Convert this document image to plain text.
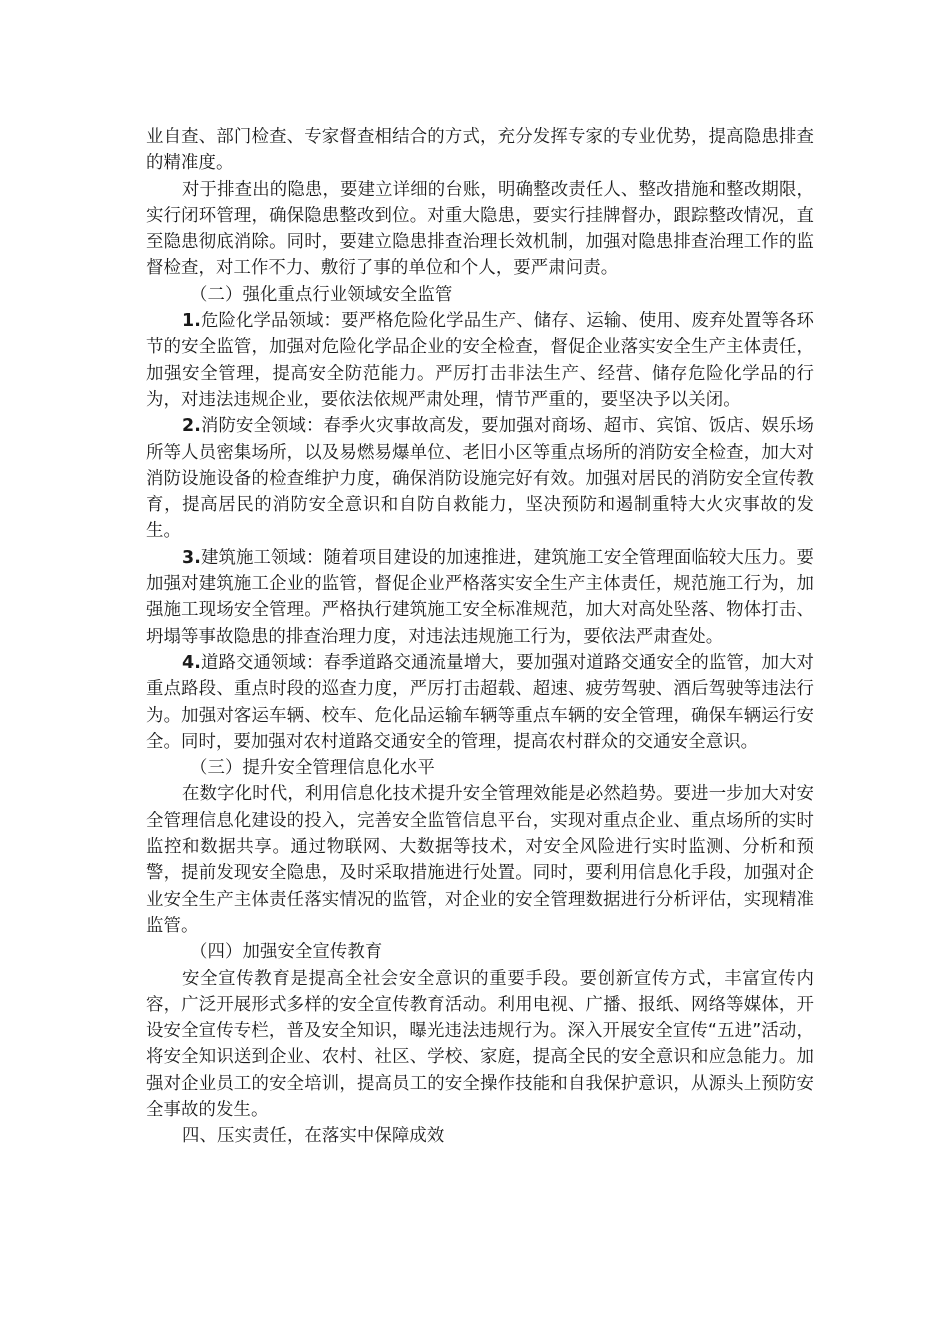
业自查、部门检查、专家督查相结合的方式，充分发挥专家的专业优势，提高隐患排查的精准度。

对于排查出的隐患，要建立详细的台账，明确整改责任人、整改措施和整改期限，实行闭环管理，确保隐患整改到位。对重大隐患，要实行挂牌督办，跟踪整改情况，直至隐患彻底消除。同时，要建立隐患排查治理长效机制，加强对隐患排查治理工作的监督检查，对工作不力、敷衍了事的单位和个人，要严肃问责。

（二）强化重点行业领域安全监管

1.危险化学品领域：要严格危险化学品生产、储存、运输、使用、废弃处置等各环节的安全监管，加强对危险化学品企业的安全检查，督促企业落实安全生产主体责任，加强安全管理，提高安全防范能力。严厉打击非法生产、经营、储存危险化学品的行为，对违法违规企业，要依法依规严肃处理，情节严重的，要坚决予以关闭。

2.消防安全领域：春季火灾事故高发，要加强对商场、超市、宾馆、饭店、娱乐场所等人员密集场所，以及易燃易爆单位、老旧小区等重点场所的消防安全检查，加大对消防设施设备的检查维护力度，确保消防设施完好有效。加强对居民的消防安全宣传教育，提高居民的消防安全意识和自防自救能力，坚决预防和遏制重特大火灾事故的发生。

3.建筑施工领域：随着项目建设的加速推进，建筑施工安全管理面临较大压力。要加强对建筑施工企业的监管，督促企业严格落实安全生产主体责任，规范施工行为，加强施工现场安全管理。严格执行建筑施工安全标准规范，加大对高处坠落、物体打击、坍塌等事故隐患的排查治理力度，对违法违规施工行为，要依法严肃查处。

4.道路交通领域：春季道路交通流量增大，要加强对道路交通安全的监管，加大对重点路段、重点时段的巡查力度，严厉打击超载、超速、疲劳驾驶、酒后驾驶等违法行为。加强对客运车辆、校车、危化品运输车辆等重点车辆的安全管理，确保车辆运行安全。同时，要加强对农村道路交通安全的管理，提高农村群众的交通安全意识。

（三）提升安全管理信息化水平

在数字化时代，利用信息化技术提升安全管理效能是必然趋势。要进一步加大对安全管理信息化建设的投入，完善安全监管信息平台，实现对重点企业、重点场所的实时监控和数据共享。通过物联网、大数据等技术，对安全风险进行实时监测、分析和预警，提前发现安全隐患，及时采取措施进行处置。同时，要利用信息化手段，加强对企业安全生产主体责任落实情况的监管，对企业的安全管理数据进行分析评估，实现精准监管。

（四）加强安全宣传教育

安全宣传教育是提高全社会安全意识的重要手段。要创新宣传方式，丰富宣传内容，广泛开展形式多样的安全宣传教育活动。利用电视、广播、报纸、网络等媒体，开设安全宣传专栏，普及安全知识，曝光违法违规行为。深入开展安全宣传“五进”活动，将安全知识送到企业、农村、社区、学校、家庭，提高全民的安全意识和应急能力。加强对企业员工的安全培训，提高员工的安全操作技能和自我保护意识，从源头上预防安全事故的发生。

四、压实责任，在落实中保障成效
